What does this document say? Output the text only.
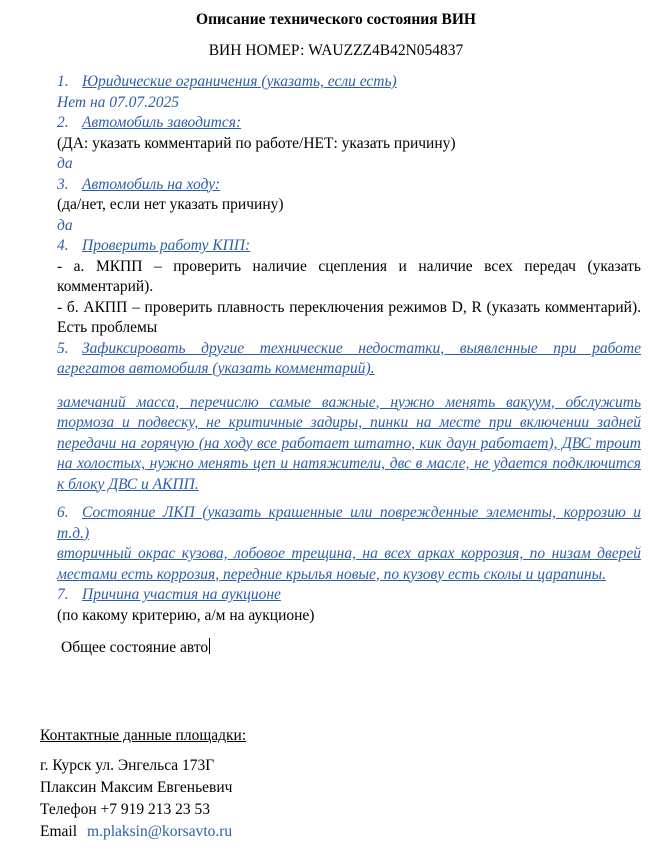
Описание технического состояния ВИН
ВИН НОМЕР: WAUZZZ4B42N054837
1. Юридические ограничения (указать, если есть)
Нет на 07.07.2025
2. Автомобиль заводится:
(ДА: указать комментарий по работе/НЕТ: указать причину)
да
3. Автомобиль на ходу:
(да/нет, если нет указать причину)
да
4. Проверить работу КПП:
- а. МКПП – проверить наличие сцепления и наличие всех передач (указать комментарий).
- б. АКПП – проверить плавность переключения режимов D, R (указать комментарий). Есть проблемы
5. Зафиксировать другие технические недостатки, выявленные при работе агрегатов автомобиля (указать комментарий).
замечаний масса, перечислю самые важные, нужно менять вакуум, обслужить тормоза и подвеску, не критичные задиры, пинки на месте при включении задней передачи на горячую (на ходу все работает штатно, кик даун работает), ДВС троит на холостых, нужно менять цеп и натяжители, двс в масле, не удается подключится к блоку ДВС и АКПП.
6. Состояние ЛКП (указать крашенные или поврежденные элементы, коррозию и т.д.)
вторичный окрас кузова, лобовое трещина, на всех арках коррозия, по низам дверей местами есть коррозия, передние крылья новые, по кузову есть сколы и царапины.
7. Причина участия на аукционе
(по какому критерию, а/м на аукционе)
Общее состояние авто
Контактные данные площадки:
г. Курск ул. Энгельса 173Г
Плаксин Максим Евгеньевич
Телефон +7 919 213 23 53
Email m.plaksin@korsavto.ru
